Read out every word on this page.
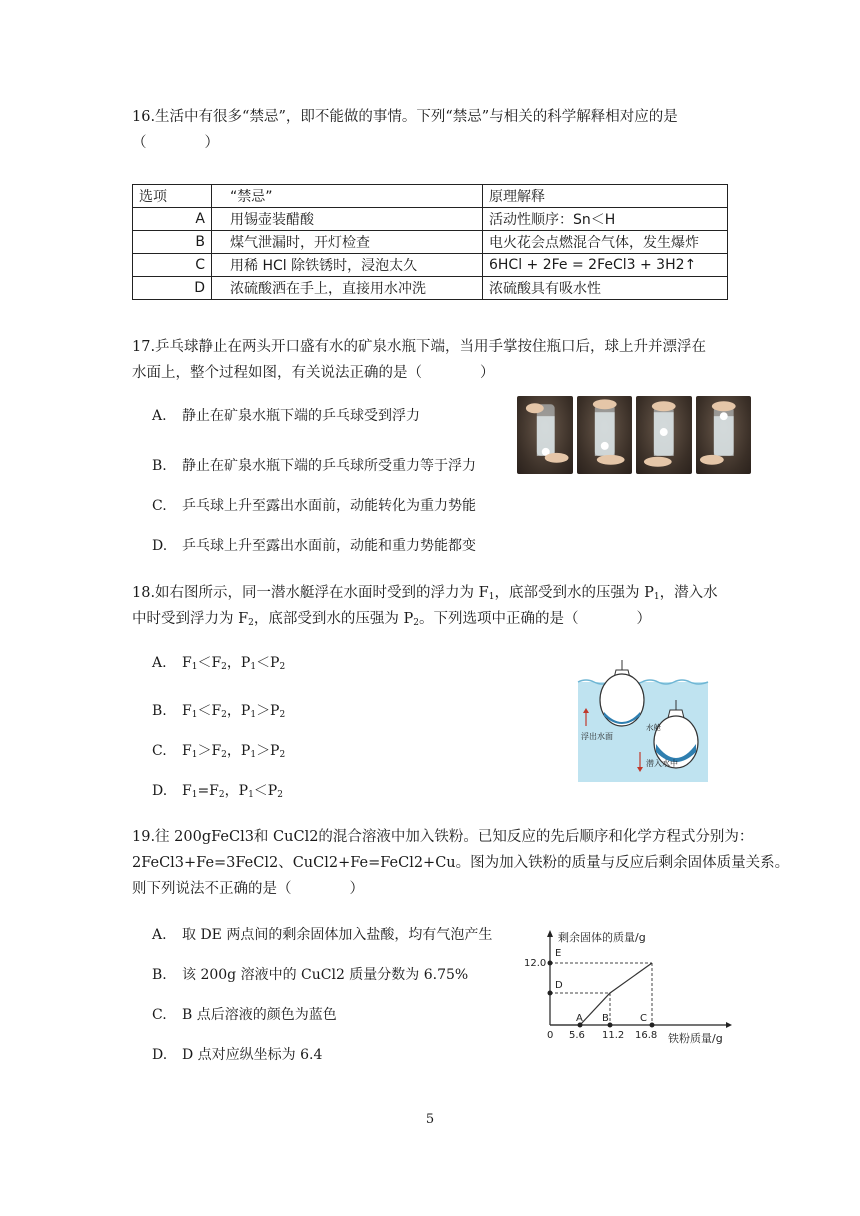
16.生活中有很多“禁忌”，即不能做的事情。下列“禁忌”与相关的科学解释相对应的是
（　　　　）
选项	“禁忌”	原理解释
A	用锡壶装醋酸	活动性顺序：Sn＜H
B	煤气泄漏时，开灯检查	电火花会点燃混合气体，发生爆炸
C	用稀 HCl 除铁锈时，浸泡太久	6HCl + 2Fe = 2FeCl3 + 3H2↑
D	浓硫酸洒在手上，直接用水冲洗	浓硫酸具有吸水性
17.乒乓球静止在两头开口盛有水的矿泉水瓶下端，当用手掌按住瓶口后，球上升并漂浮在
水面上，整个过程如图，有关说法正确的是（　　　　）
A. 静止在矿泉水瓶下端的乒乓球受到浮力
B. 静止在矿泉水瓶下端的乒乓球所受重力等于浮力
C. 乒乓球上升至露出水面前，动能转化为重力势能
D. 乒乓球上升至露出水面前，动能和重力势能都变
18.如右图所示，同一潜水艇浮在水面时受到的浮力为 $F_1$，底部受到水的压强为 $P_1$，潜入水
中时受到浮力为 $F_2$，底部受到水的压强为 $P_2$。下列选项中正确的是（　　　　）
A. $F_1<F_2$，$P_1<P_2$
B. $F_1<F_2$，$P_1>P_2$
C. $F_1>F_2$，$P_1>P_2$
D. $F_1=F_2$，$P_1<P_2$
浮出水面
水舱
潜入水中
19.往 200gFeCl3和 CuCl2的混合溶液中加入铁粉。已知反应的先后顺序和化学方程式分别为：
2FeCl3+Fe=3FeCl2、CuCl2+Fe=FeCl2+Cu。图为加入铁粉的质量与反应后剩余固体质量关系。
则下列说法不正确的是（　　　　）
A. 取 DE 两点间的剩余固体加入盐酸，均有气泡产生
B. 该 200g 溶液中的 CuCl2 质量分数为 6.75%
C. B 点后溶液的颜色为蓝色
D. D 点对应纵坐标为 6.4
剩余固体的质量/g
铁粉质量/g
12.0
0 5.6 11.2 16.8
E
D
A B	C
5
